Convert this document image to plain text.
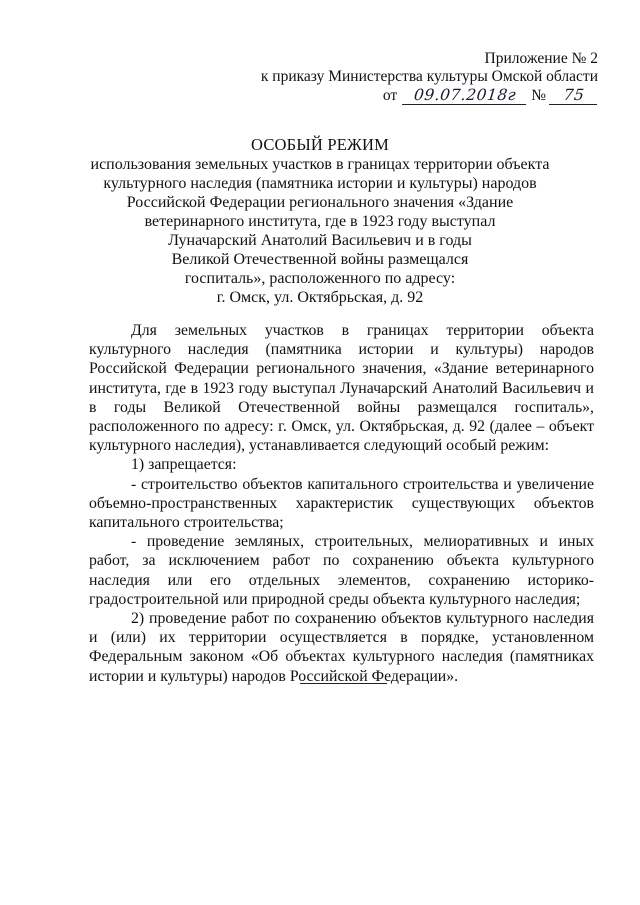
Приложение № 2
к приказу Министерства культуры Омской области
от	09.07.2018г №	75
ОСОБЫЙ РЕЖИМ
использования земельных участков в границах территории объекта
культурного наследия (памятника истории и культуры) народов
Российской Федерации регионального значения «Здание
ветеринарного института, где в 1923 году выступал
Луначарский Анатолий Васильевич и в годы
Великой Отечественной войны размещался
госпиталь», расположенного по адресу:
г. Омск, ул. Октябрьская, д. 92

Для земельных участков в границах территории объекта культурного наследия (памятника истории и культуры) народов Российской Федерации регионального значения, «Здание ветеринарного института, где в 1923 году выступал Луначарский Анатолий Васильевич и в годы Великой Отечественной войны размещался госпиталь», расположенного по адресу: г. Омск, ул. Октябрьская, д. 92 (далее – объект культурного наследия), устанавливается следующий особый режим:

1) запрещается:

- строительство объектов капитального строительства и увеличение объемно-пространственных характеристик существующих объектов капитального строительства;

- проведение земляных, строительных, мелиоративных и иных работ, за исключением работ по сохранению объекта культурного наследия или его отдельных элементов, сохранению историко-градостроительной или природной среды объекта культурного наследия;

2) проведение работ по сохранению объектов культурного наследия и (или) их территории осуществляется в порядке, установленном Федеральным законом «Об объектах культурного наследия (памятниках истории и культуры) народов Российской Федерации».
